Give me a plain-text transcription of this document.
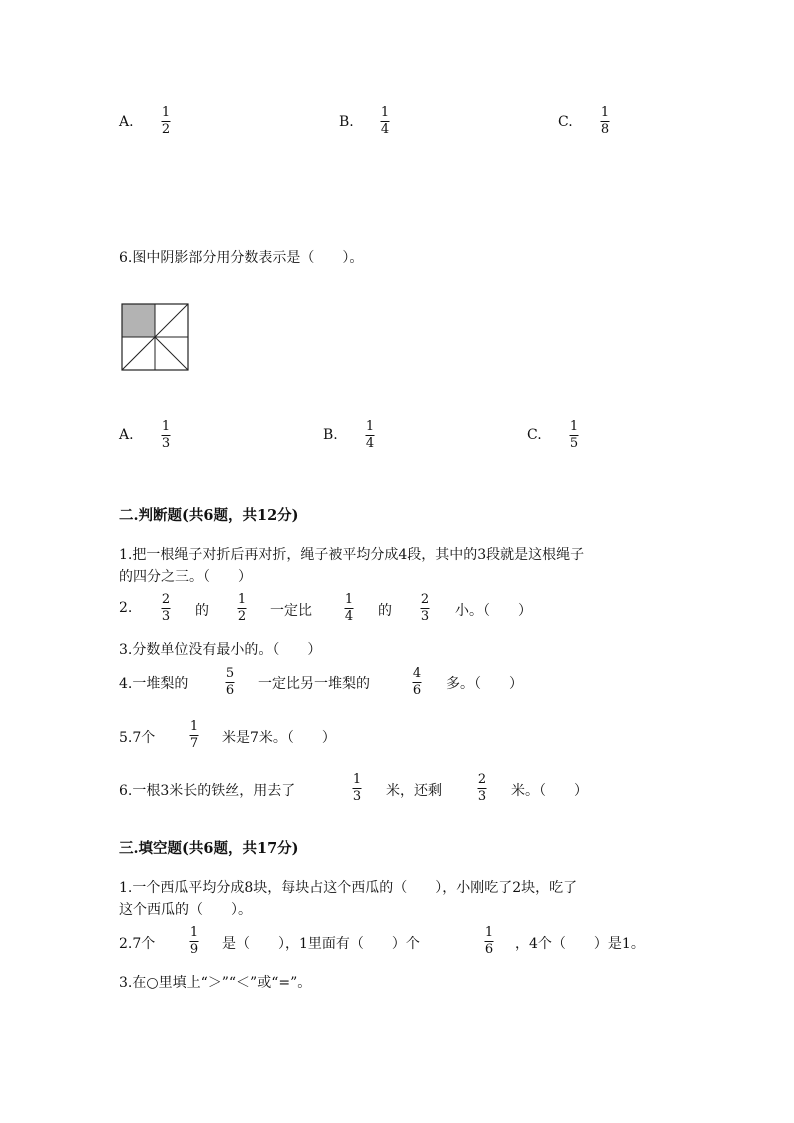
A.
1
2	B.
1
4	C.
1
8
6.图中阴影部分用分数表示是（　　）。
A.
1
3
B.
1
4
C.
1
5
二.判断题(共6题，共12分)
1.把一根绳子对折后再对折，绳子被平均分成4段，其中的3段就是这根绳子
的四分之三。（　　）
2.
2
3 的
1
2 一定比
1
4 的
2
3 小。（　　）
3.分数单位没有最小的。（　　）
4.一堆梨的
5
6 一定比另一堆梨的
4
6 多。（　　）
5.7个
1
7 米是7米。（　　）
6.一根3米长的铁丝，用去了
1
3 米，还剩
2
3 米。（　　）
三.填空题(共6题，共17分)
1.一个西瓜平均分成8块，每块占这个西瓜的（　　），小刚吃了2块，吃了
这个西瓜的（　　）。
2.7个
1
9 是（　　），1里面有（　　）个
1
6 ，4个（　　）是1。
3.在○里填上“＞”“＜”或“=”。
